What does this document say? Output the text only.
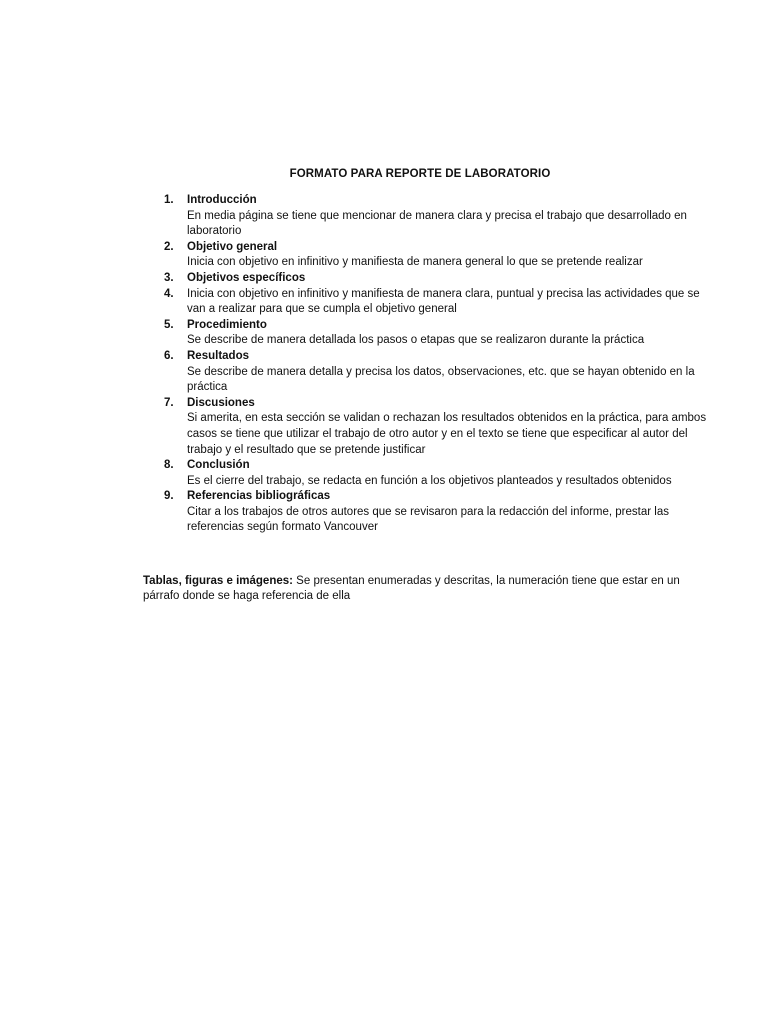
FORMATO PARA REPORTE DE LABORATORIO
1. Introducción
En media página se tiene que mencionar de manera clara y precisa el trabajo que desarrollado en laboratorio
2. Objetivo general
Inicia con objetivo en infinitivo y manifiesta de manera general lo que se pretende realizar
3. Objetivos específicos
4. Inicia con objetivo en infinitivo y manifiesta de manera clara, puntual y precisa las actividades que se van a realizar para que se cumpla el objetivo general
5. Procedimiento
Se describe de manera detallada los pasos o etapas que se realizaron durante la práctica
6. Resultados
Se describe de manera detalla y precisa los datos, observaciones, etc. que se hayan obtenido en la práctica
7. Discusiones
Si amerita, en esta sección se validan o rechazan los resultados obtenidos en la práctica, para ambos casos se tiene que utilizar el trabajo de otro autor y en el texto se tiene que especificar al autor del trabajo y el resultado que se pretende justificar
8. Conclusión
Es el cierre del trabajo, se redacta en función a los objetivos planteados y resultados obtenidos
9. Referencias bibliográficas
Citar a los trabajos de otros autores que se revisaron para la redacción del informe, prestar las referencias según formato Vancouver

Tablas, figuras e imágenes: Se presentan enumeradas y descritas, la numeración tiene que estar en un párrafo donde se haga referencia de ella
